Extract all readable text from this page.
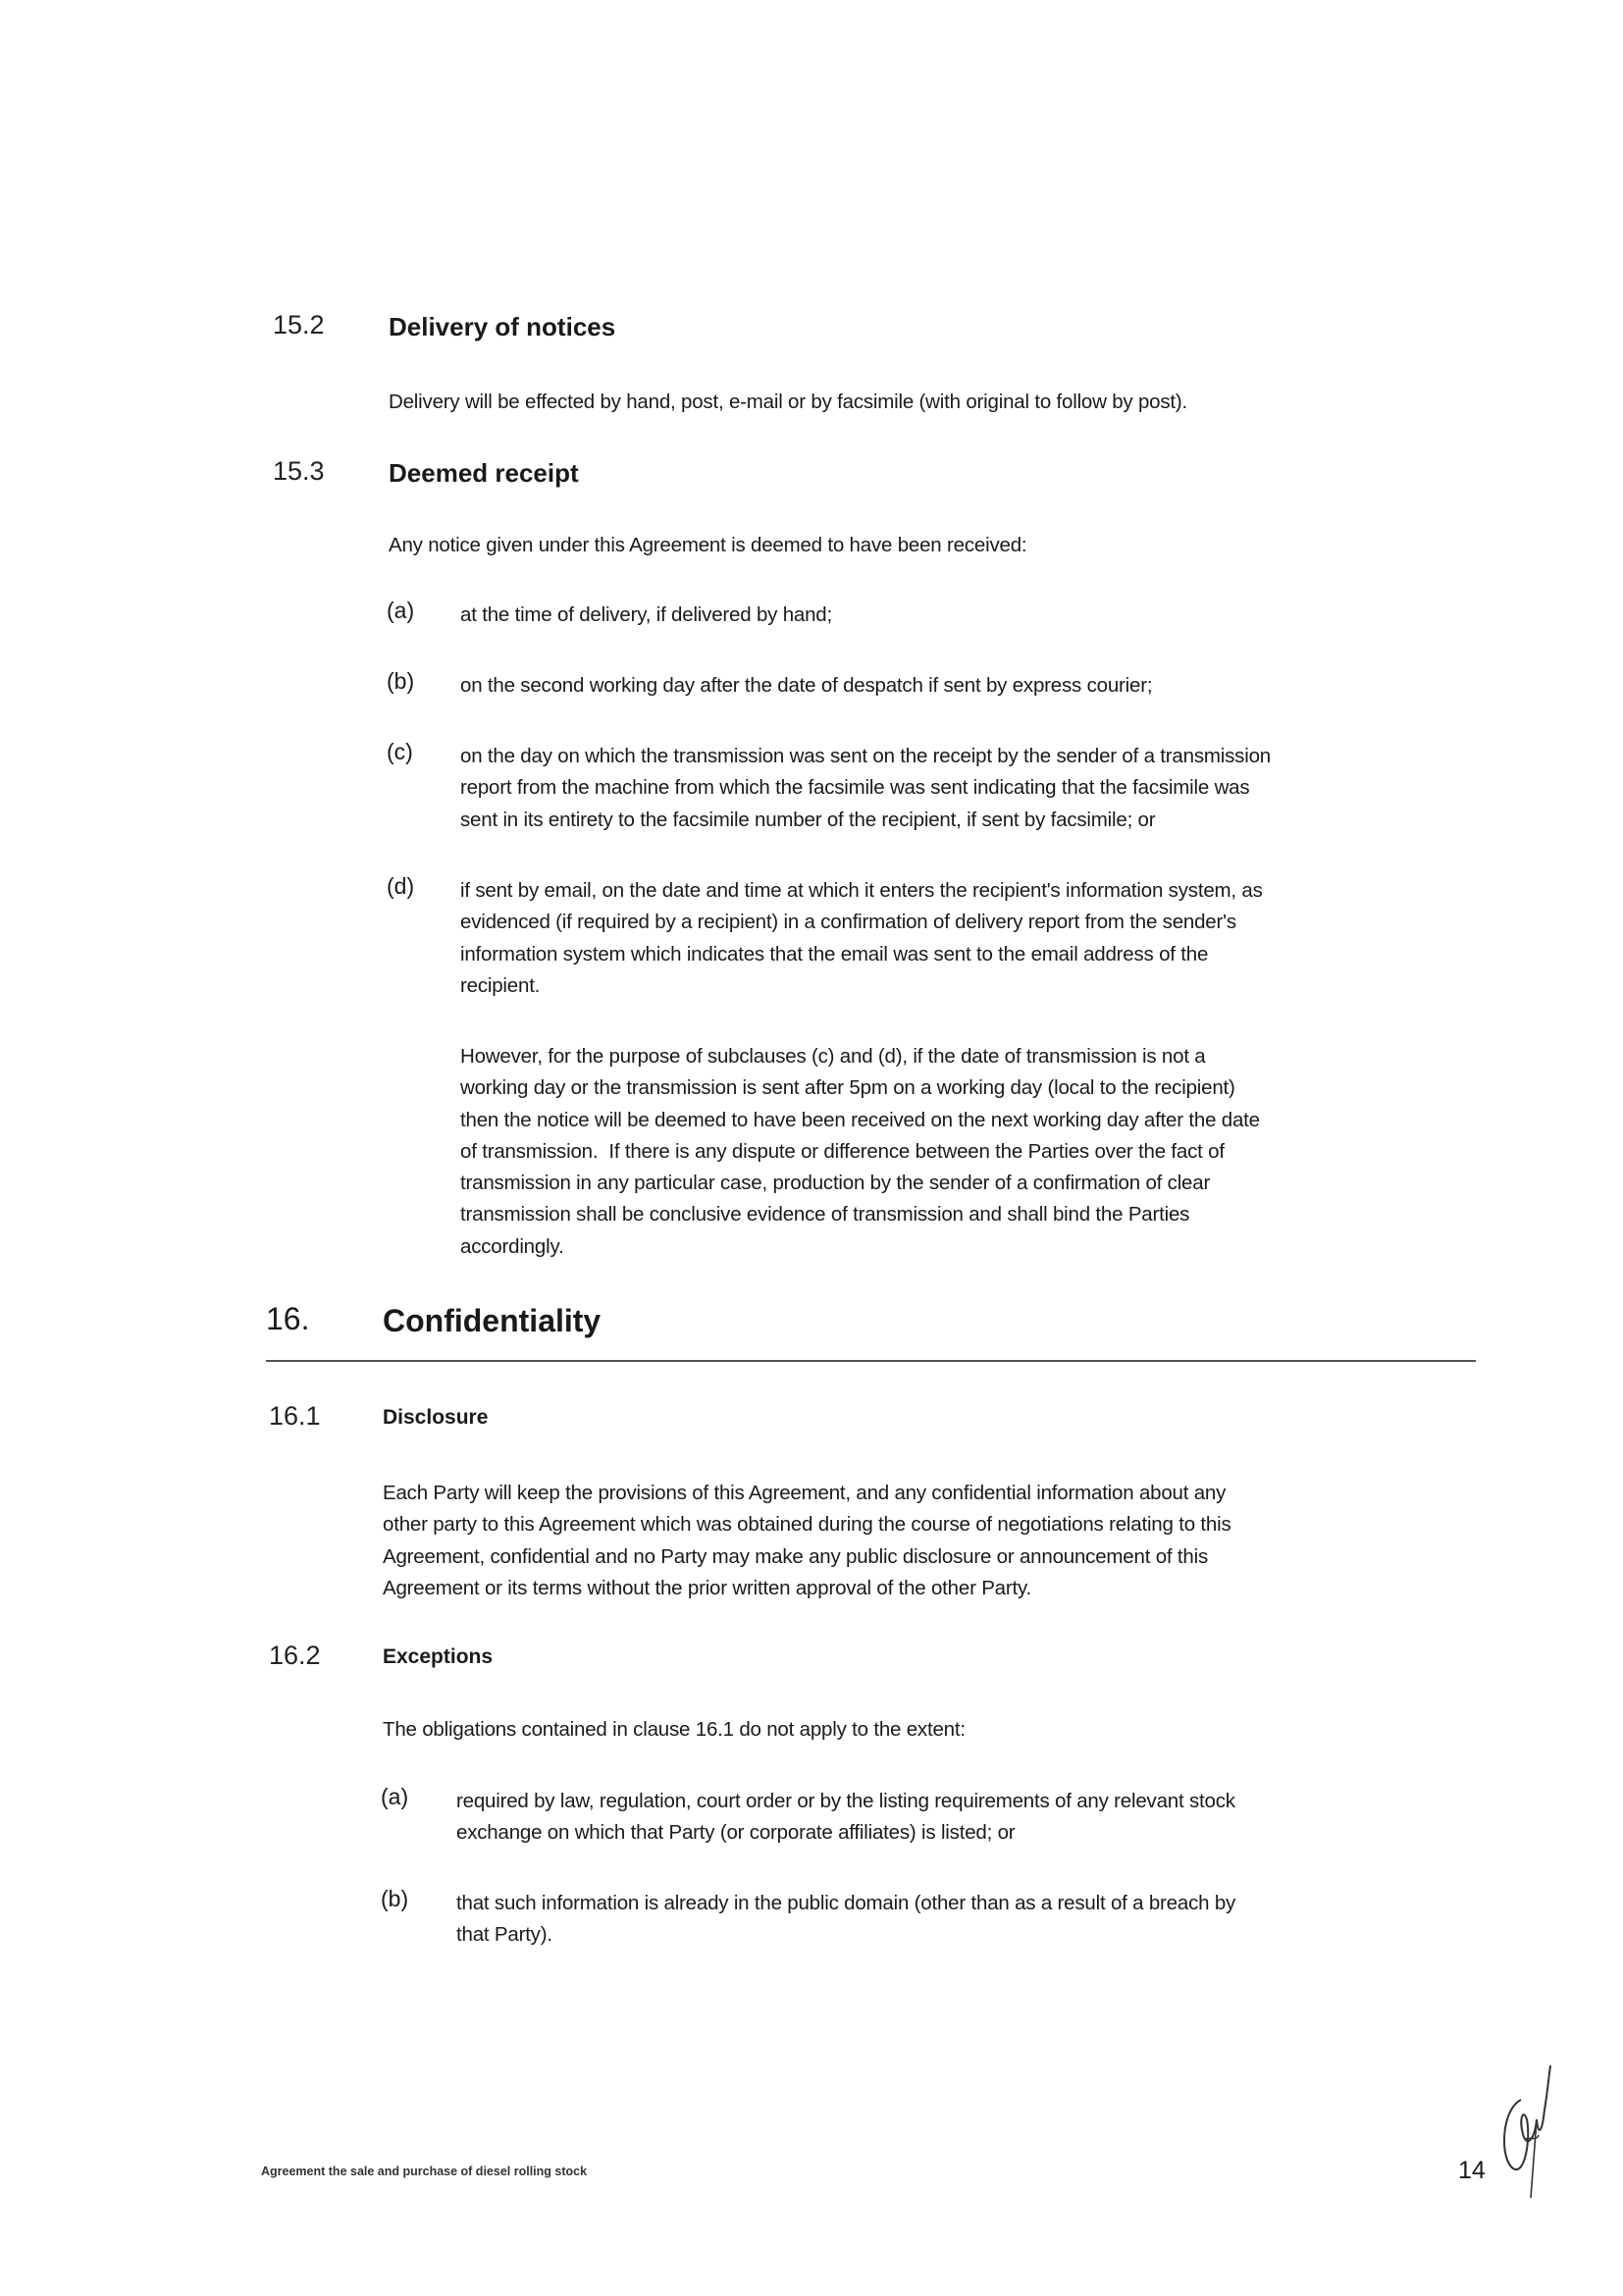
15.2	Delivery of notices
Delivery will be effected by hand, post, e-mail or by facsimile (with original to follow by post).
15.3	Deemed receipt
Any notice given under this Agreement is deemed to have been received:
(a) at the time of delivery, if delivered by hand;
(b) on the second working day after the date of despatch if sent by express courier;
(c) on the day on which the transmission was sent on the receipt by the sender of a transmission
report from the machine from which the facsimile was sent indicating that the facsimile was
sent in its entirety to the facsimile number of the recipient, if sent by facsimile; or
(d) if sent by email, on the date and time at which it enters the recipient's information system, as
evidenced (if required by a recipient) in a confirmation of delivery report from the sender's
information system which indicates that the email was sent to the email address of the
recipient.
However, for the purpose of subclauses (c) and (d), if the date of transmission is not a
working day or the transmission is sent after 5pm on a working day (local to the recipient)
then the notice will be deemed to have been received on the next working day after the date
of transmission.  If there is any dispute or difference between the Parties over the fact of
transmission in any particular case, production by the sender of a confirmation of clear
transmission shall be conclusive evidence of transmission and shall bind the Parties
accordingly.
16. Confidentiality
16.1	Disclosure
Each Party will keep the provisions of this Agreement, and any confidential information about any
other party to this Agreement which was obtained during the course of negotiations relating to this
Agreement, confidential and no Party may make any public disclosure or announcement of this
Agreement or its terms without the prior written approval of the other Party.
16.2	Exceptions
The obligations contained in clause 16.1 do not apply to the extent:
(a) required by law, regulation, court order or by the listing requirements of any relevant stock
exchange on which that Party (or corporate affiliates) is listed; or
(b) that such information is already in the public domain (other than as a result of a breach by
that Party).
Agreement the sale and purchase of diesel rolling stock	14
